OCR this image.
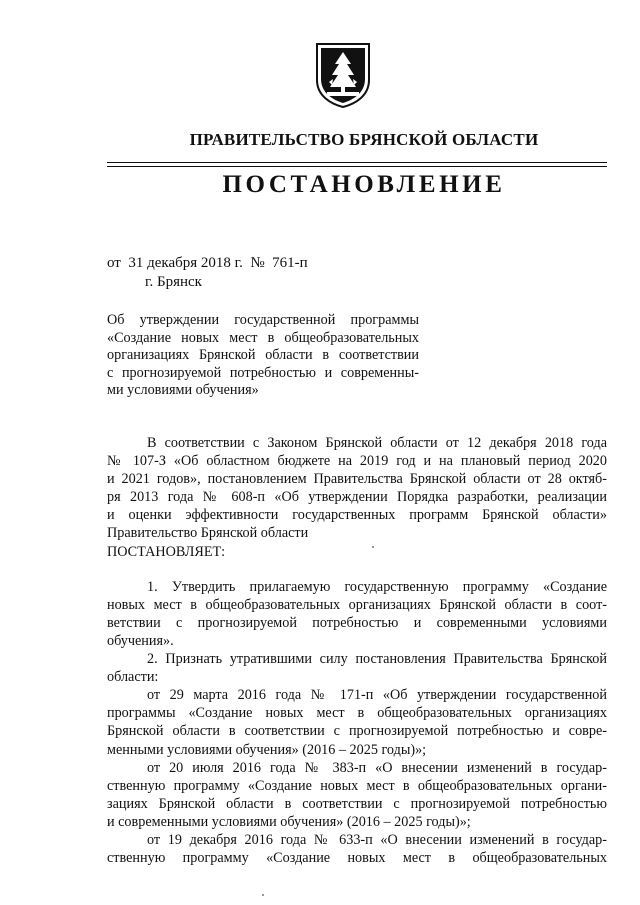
ПРАВИТЕЛЬСТВО БРЯНСКОЙ ОБЛАСТИ
ПОСТАНОВЛЕНИЕ
от  31 декабря 2018 г.  №  761-п
г. Брянск
Об утверждении государственной программы
«Создание новых мест в общеобразовательных
организациях Брянской области в соответствии
с прогнозируемой потребностью и современны-
ми условиями обучения»
В соответствии с Законом Брянской области от 12 декабря 2018 года
№ 107-З «Об областном бюджете на 2019 год и на плановый период 2020
и 2021 годов», постановлением Правительства Брянской области от 28 октяб-
ря 2013 года № 608-п «Об утверждении Порядка разработки, реализации
и оценки эффективности государственных программ Брянской области»
Правительство Брянской области
ПОСТАНОВЛЯЕТ:
1. Утвердить прилагаемую государственную программу «Создание
новых мест в общеобразовательных организациях Брянской области в соот-
ветствии с прогнозируемой потребностью и современными условиями
обучения».
2. Признать утратившими силу постановления Правительства Брянской
области:
от 29 марта 2016 года № 171-п «Об утверждении государственной
программы «Создание новых мест в общеобразовательных организациях
Брянской области в соответствии с прогнозируемой потребностью и совре-
менными условиями обучения» (2016 – 2025 годы)»;
от 20 июля 2016 года № 383-п «О внесении изменений в государ-
ственную программу «Создание новых мест в общеобразовательных органи-
зациях Брянской области в соответствии с прогнозируемой потребностью
и современными условиями обучения» (2016 – 2025 годы)»;
от 19 декабря 2016 года № 633-п «О внесении изменений в государ-
ственную программу «Создание новых мест в общеобразовательных
